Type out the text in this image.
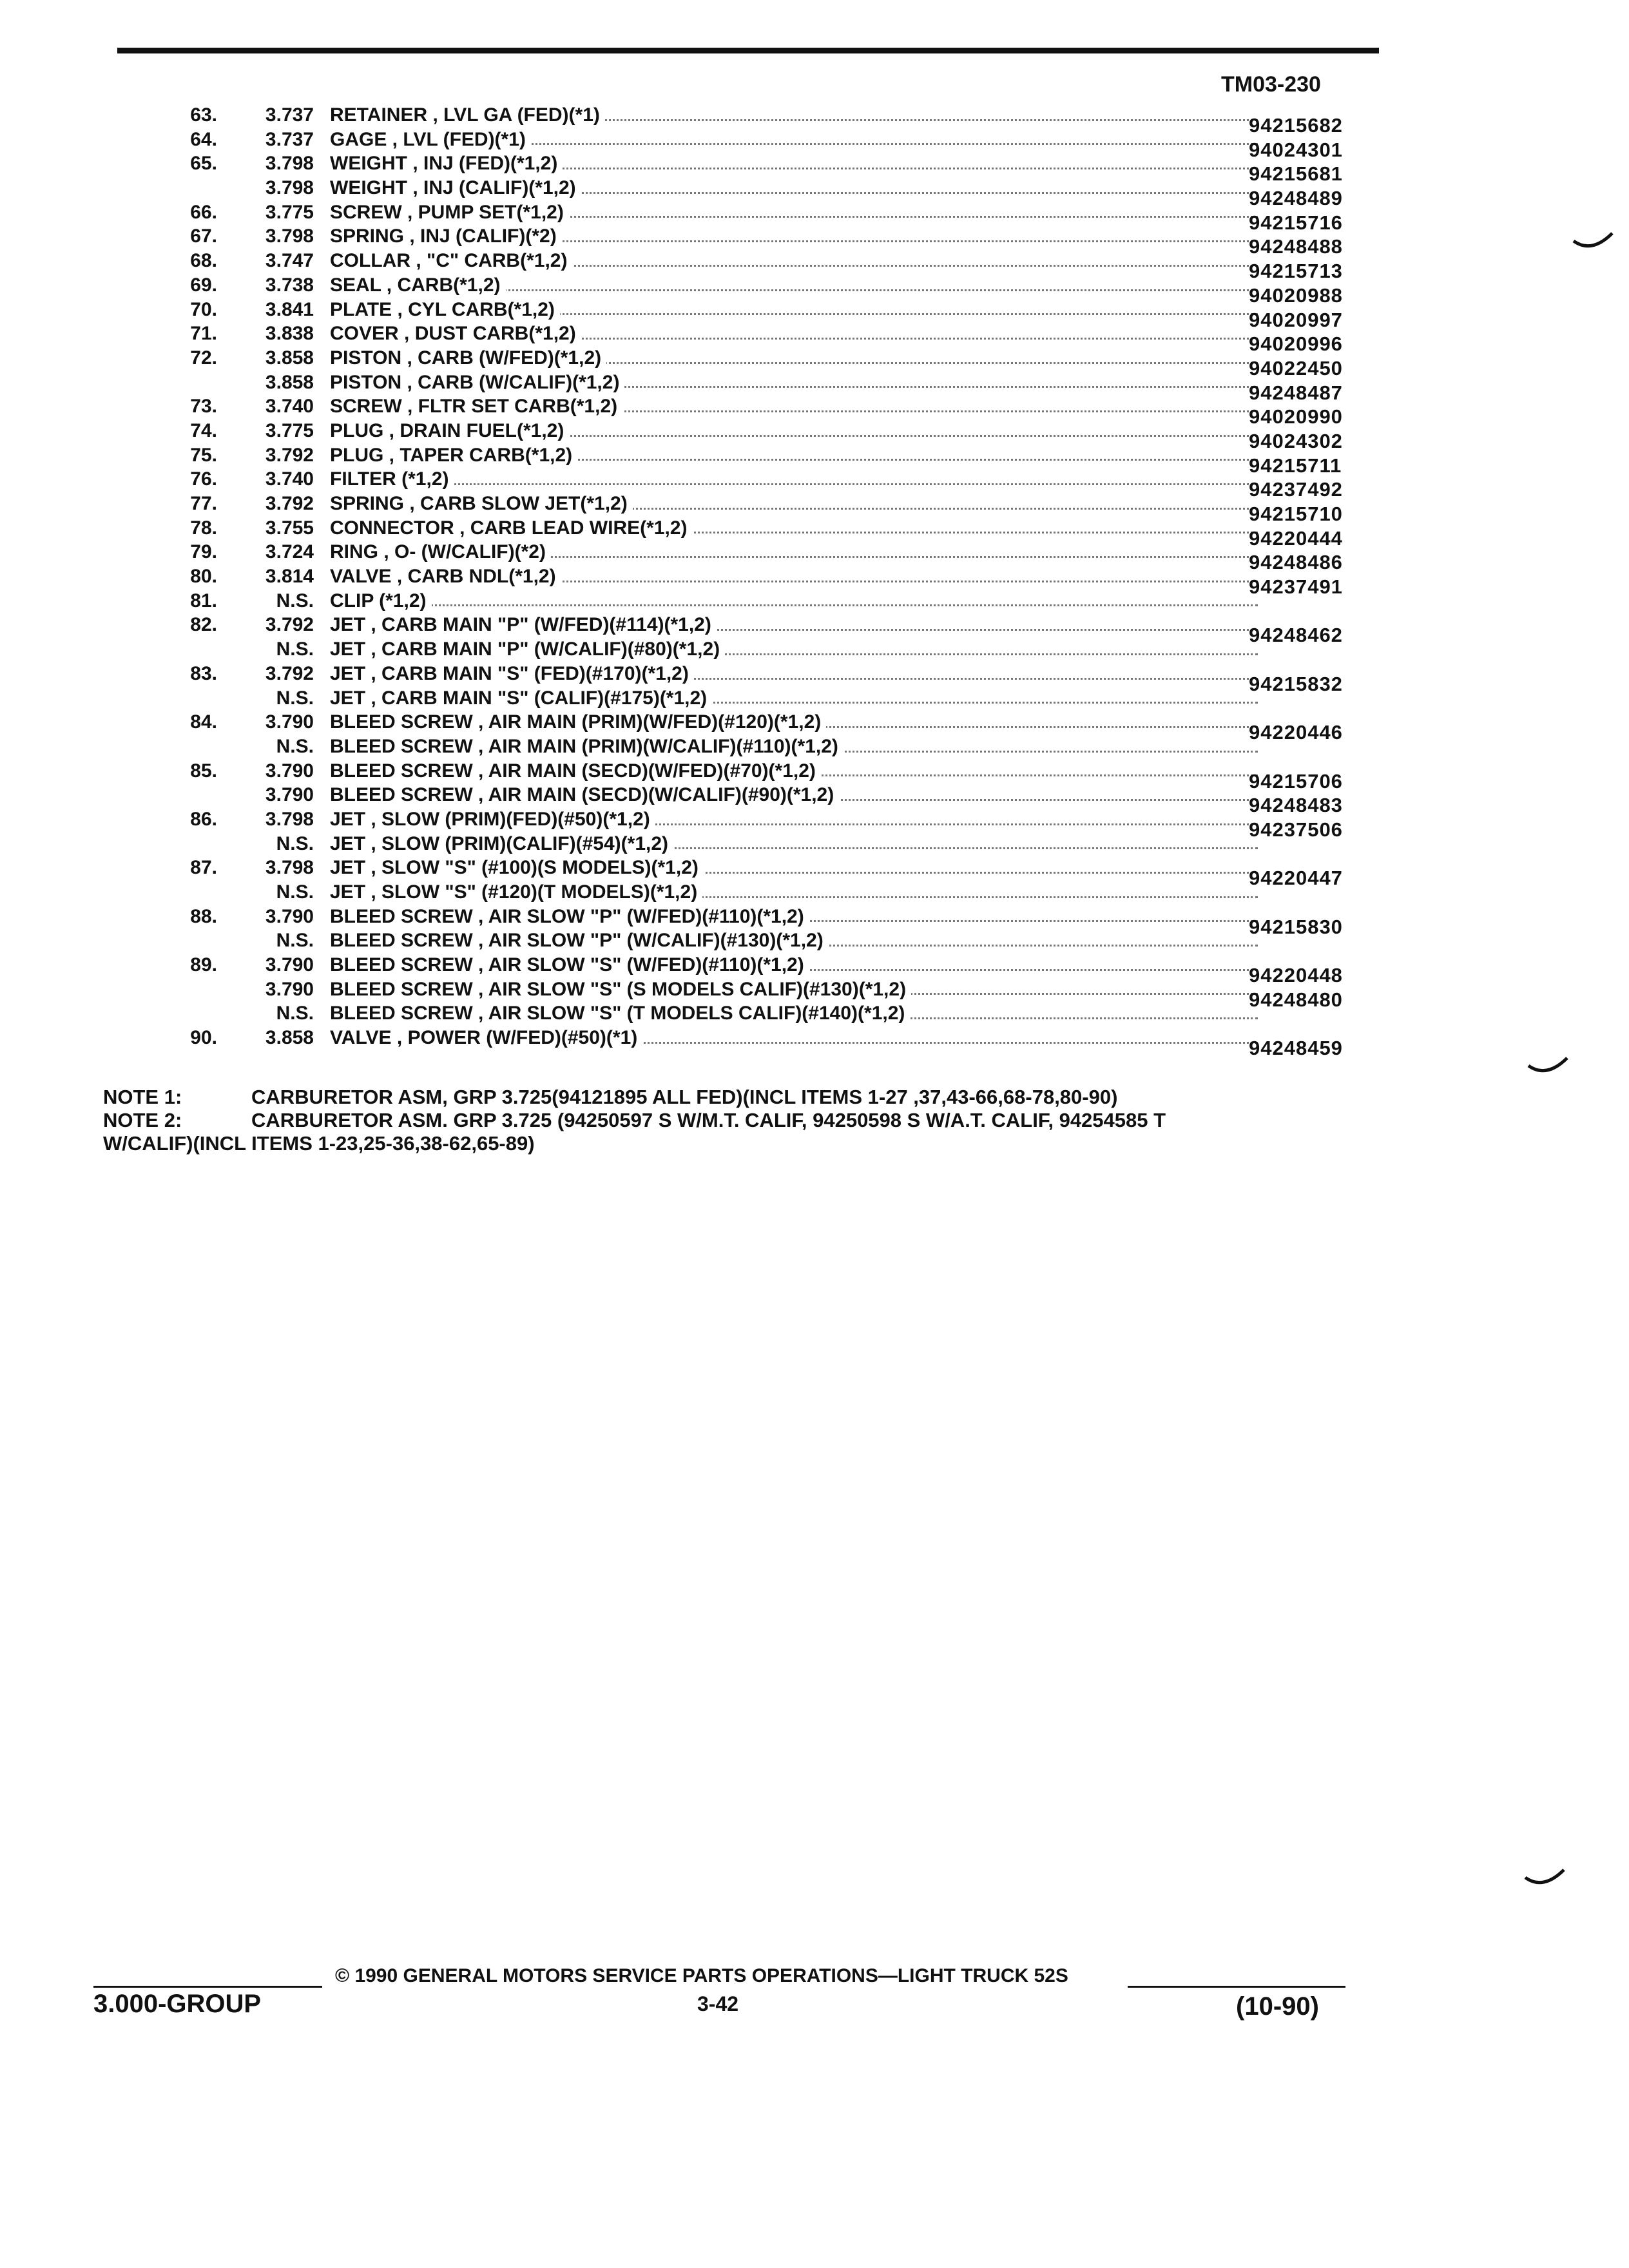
TM03-230
63.	3.737 RETAINER , LVL GA (FED)(*1)	94215682
64.	3.737 GAGE , LVL (FED)(*1)	94024301
65.	3.798 WEIGHT , INJ (FED)(*1,2)	94215681
3.798 WEIGHT , INJ (CALIF)(*1,2)	94248489
66.	3.775 SCREW , PUMP SET(*1,2)	94215716
67.	3.798 SPRING , INJ (CALIF)(*2)	94248488
68.	3.747 COLLAR , "C" CARB(*1,2)	94215713
69.	3.738 SEAL , CARB(*1,2)	94020988
70.	3.841 PLATE , CYL CARB(*1,2)	94020997
71.	3.838 COVER , DUST CARB(*1,2)	94020996
72.	3.858 PISTON , CARB (W/FED)(*1,2)	94022450
3.858 PISTON , CARB (W/CALIF)(*1,2)	94248487
73.	3.740 SCREW , FLTR SET CARB(*1,2)	94020990
74.	3.775 PLUG , DRAIN FUEL(*1,2)	94024302
75.	3.792 PLUG , TAPER CARB(*1,2)	94215711
76.	3.740 FILTER (*1,2)	94237492
77.	3.792 SPRING , CARB SLOW JET(*1,2)	94215710
78.	3.755 CONNECTOR , CARB LEAD WIRE(*1,2)	94220444
79.	3.724 RING , O- (W/CALIF)(*2)	94248486
80.	3.814 VALVE , CARB NDL(*1,2)	94237491
81.	N.S. CLIP (*1,2)
82.	3.792 JET , CARB MAIN "P" (W/FED)(#114)(*1,2)	94248462
N.S. JET , CARB MAIN "P" (W/CALIF)(#80)(*1,2)
83.	3.792 JET , CARB MAIN "S" (FED)(#170)(*1,2)	94215832
N.S. JET , CARB MAIN "S" (CALIF)(#175)(*1,2)
84.	3.790 BLEED SCREW , AIR MAIN (PRIM)(W/FED)(#120)(*1,2)	94220446
N.S. BLEED SCREW , AIR MAIN (PRIM)(W/CALIF)(#110)(*1,2)
85.	3.790 BLEED SCREW , AIR MAIN (SECD)(W/FED)(#70)(*1,2)	94215706
3.790 BLEED SCREW , AIR MAIN (SECD)(W/CALIF)(#90)(*1,2)	94248483
86.	3.798 JET , SLOW (PRIM)(FED)(#50)(*1,2)	94237506
N.S. JET , SLOW (PRIM)(CALIF)(#54)(*1,2)
87.	3.798 JET , SLOW "S" (#100)(S MODELS)(*1,2)	94220447
N.S. JET , SLOW "S" (#120)(T MODELS)(*1,2)
88.	3.790 BLEED SCREW , AIR SLOW "P" (W/FED)(#110)(*1,2)	94215830
N.S. BLEED SCREW , AIR SLOW "P" (W/CALIF)(#130)(*1,2)
89.	3.790 BLEED SCREW , AIR SLOW "S" (W/FED)(#110)(*1,2)	94220448
3.790 BLEED SCREW , AIR SLOW "S" (S MODELS CALIF)(#130)(*1,2)	94248480
N.S. BLEED SCREW , AIR SLOW "S" (T MODELS CALIF)(#140)(*1,2)
90.	3.858 VALVE , POWER (W/FED)(#50)(*1)	94248459
NOTE 1:	CARBURETOR ASM, GRP 3.725(94121895 ALL FED)(INCL ITEMS 1-27 ,37,43-66,68-78,80-90)
NOTE 2:	CARBURETOR ASM. GRP 3.725 (94250597 S W/M.T. CALIF, 94250598 S W/A.T. CALIF, 94254585 T
W/CALIF)(INCL ITEMS 1-23,25-36,38-62,65-89)
© 1990 GENERAL MOTORS SERVICE PARTS OPERATIONS—LIGHT TRUCK 52S
3.000-GROUP	3-42	(10-90)
